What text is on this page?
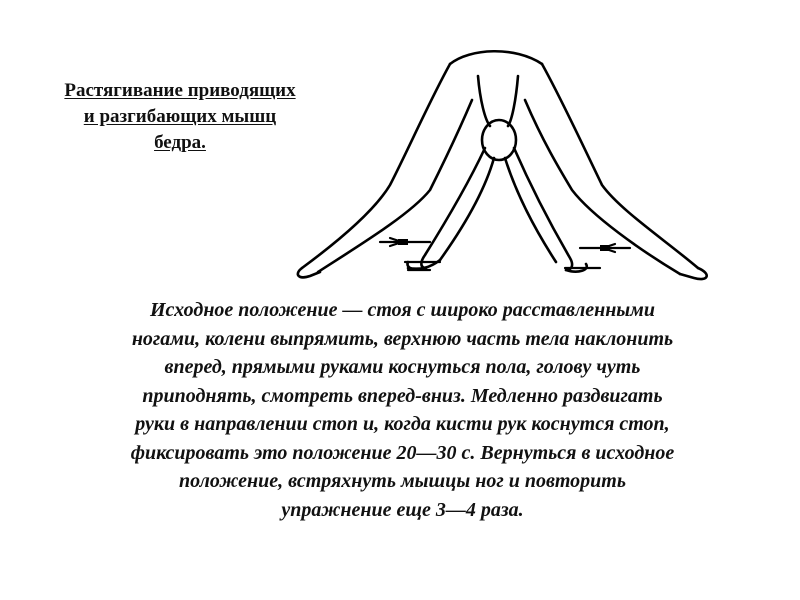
Растягивание приводящих
и разгибающих мышц
бедра.
Исходное положение — стоя с широко расставленными
ногами, колени выпрямить, верхнюю часть тела наклонить
вперед, прямыми руками коснуться пола, голову чуть
приподнять, смотреть вперед-вниз. Медленно раздвигать
руки в направлении стоп и, когда кисти рук коснутся стоп,
фиксировать это положение 20—30 с. Вернуться в исходное
положение, встряхнуть мышцы ног и повторить
упражнение еще 3—4 раза.
